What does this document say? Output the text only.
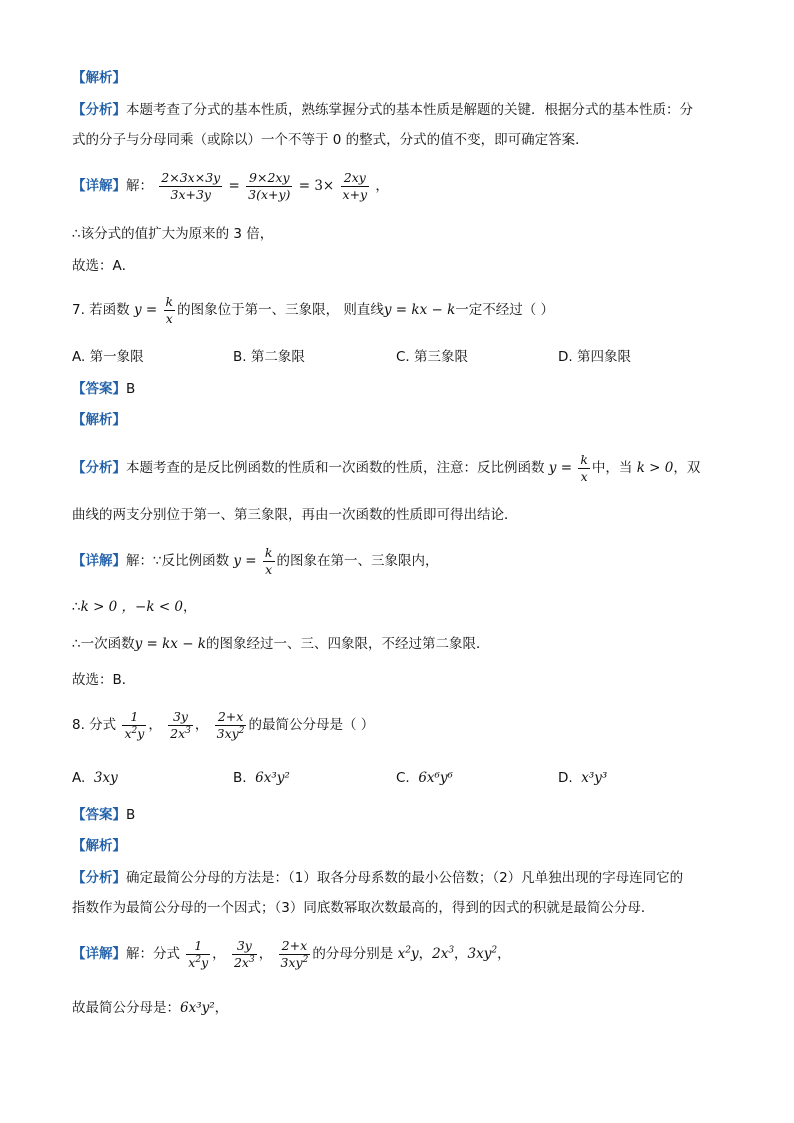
【解析】
【分析】本题考查了分式的基本性质，熟练掌握分式的基本性质是解题的关键．根据分式的基本性质：分
式的分子与分母同乘（或除以）一个不等于 0 的整式，分式的值不变，即可确定答案．
【详解】解： $\frac{2\times 3x\times 3y}{3x+3y} = \frac{9\times 2xy}{3(x+y)} = 3\times \frac{2xy}{x+y}$ ，
∴该分式的值扩大为原来的 3 倍，
故选：A．
7. 若函数 $y = \frac{k}{x}$ 的图象位于第一、三象限， 则直线y = kx − k一定不经过（ ）
A. 第一象限	B. 第二象限	C. 第三象限	D. 第四象限
【答案】B
【解析】
【分析】本题考查的是反比例函数的性质和一次函数的性质，注意：反比例函数 $y = \frac{k}{x}$ 中，当 k > 0，双
曲线的两支分别位于第一、第三象限，再由一次函数的性质即可得出结论．
【详解】解：∵反比例函数 $y = \frac{k}{x}$ 的图象在第一、三象限内，
∴k > 0 ，−k < 0，
∴一次函数y = kx − k的图象经过一、三、四象限，不经过第二象限．
故选：B．
8. 分式 $\frac{1}{x^2y}$ ， $\frac{3y}{2x^3}$ ， $\frac{2+x}{3xy^2}$ 的最简公分母是（ ）
A. 3xy	B. 6x³y²	C. 6x⁶y⁶	D. x³y³
【答案】B
【解析】
【分析】确定最简公分母的方法是：（1）取各分母系数的最小公倍数；（2）凡单独出现的字母连同它的
指数作为最简公分母的一个因式；（3）同底数幂取次数最高的，得到的因式的积就是最简公分母．
【详解】解：分式 $\frac{1}{x^2y}$ ， $\frac{3y}{2x^3}$ ， $\frac{2+x}{3xy^2}$ 的分母分别是 $x^2y$，$2x^3$，$3xy^2$，
故最简公分母是：6x³y²，
